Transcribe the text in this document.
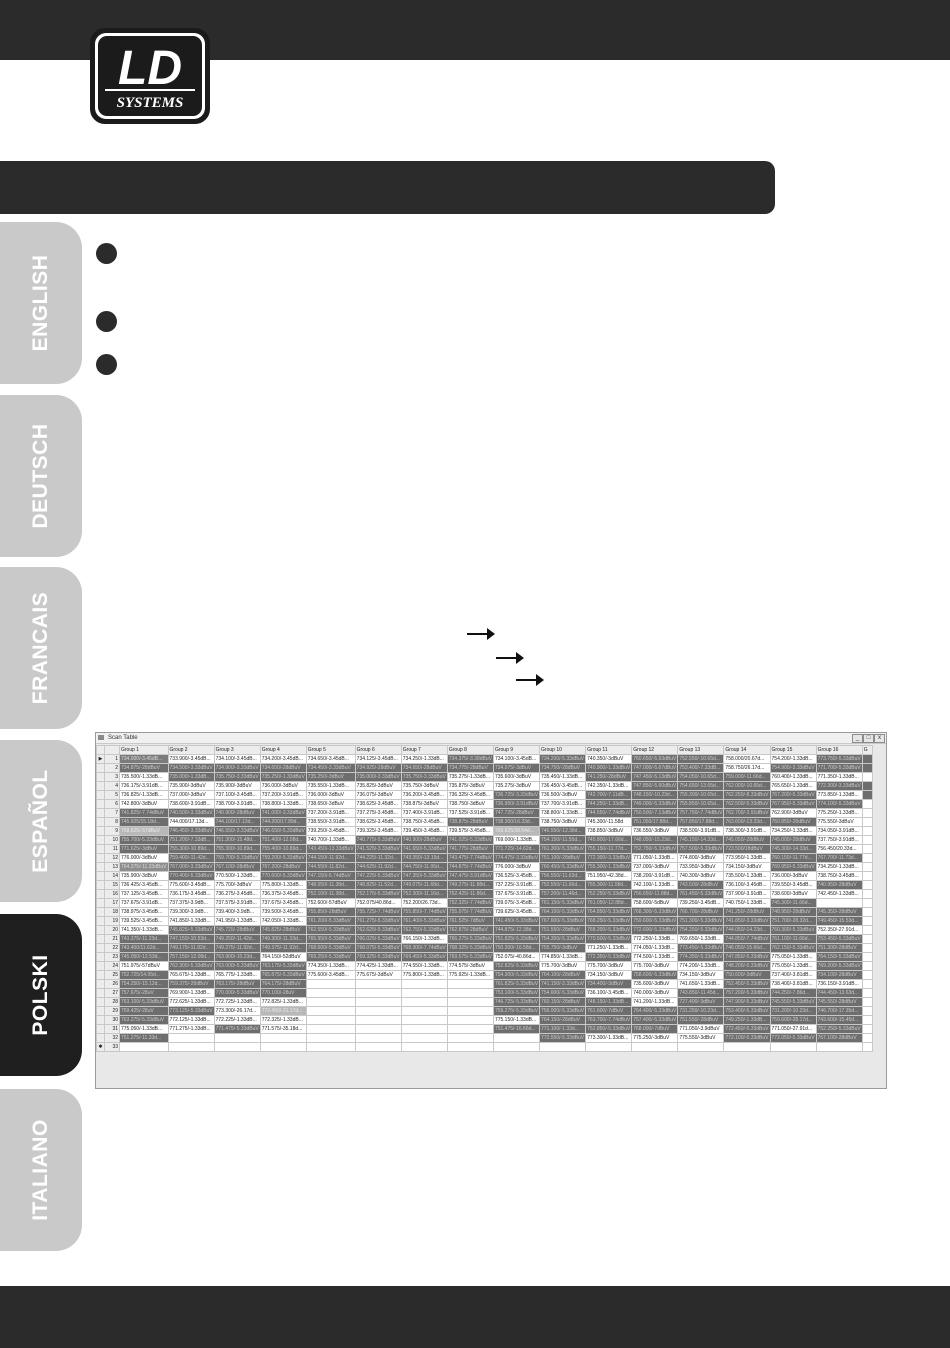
LD
SYSTEMS
ENGLISH
DEUTSCH
FRANCAIS
ESPAÑOL
POLSKI
ITALIANO
Scan Table	_	□	x
		Group 1	Group 2	Group 3	Group 4	Group 5	Group 6	Group 7	Group 8	Group 9	Group 10	Group 11	Group 12	Group 13	Group 14	Group 15	Group 16	G
▶	1	734.000/-3.45dB...	733.900/-3.45dB...	734.100/-3.45dB...	734.200/-3.45dB...	734.650/-3.45dB...	734.125/-3.45dB...	734.250/-1.33dB...	734.375/-3.38dBuV	734.100/-3.45dB...	734.200/-5.33dBuV	740.350/-3dBuV	760.650/-5.93dBuV	752.550/-10.65d...	758.000/20.67d...	754.200/-1.33dB...	773.750/-5.33dBuV	
	2	734.875/-28dBuV	734.500/-3.33dBuV	734.900/-3.33dBuV	734.650/-28dBuV	734.450/-3.33dBuV	734.925/-28dBuV	734.650/-28dBuV	734.775/-28dBuV	734.975/-3dBuV	734.750/-28dBuV	740.900/-1.33dBuV	747.000/-5.67dBuV	753.400/-7.33dB...	758.750/26.17d...	754.900/-3.33dBuV	771.700/-5.33dBuV	
	3	735.500/-1.33dB...	735.000/-1.33dB...	735.750/-3.33dBuV	735.250/-1.33dBuV	735.250/-3dBuV	735.000/-3.33dBuV	735.750/-3.33dBuV	735.275/-1.33dB...	735.600/-3dBuV	735.450/-1.33dB...	741.250/-28dBuV	747.450/-5.13dBuV	754.050/-10.65d...	759.000/-11.66d...	760.400/-1.33dB...	771.350/-1.33dB...	
	4	736.175/-3.91dB...	735.900/-3dBuV	735.900/-3dBuV	736.000/-3dBuV	735.550/-1.33dB...	735.825/-3dBuV	735.750/-3dBuV	735.875/-3dBuV	735.275/-3dBuV	736.450/-3.45dB...	742.350/-1.33dB...	747.850/-5.60dBuV	754.650/-13.65d...	762.000/-10.65d...	765.650/-1.33dB...	772.300/-3.33dBuV	
	5	736.825/-1.33dB...	737.000/-3dBuV	737.100/-3.45dB...	737.200/-3.91dB...	736.000/-3dBuV	736.075/-3dBuV	736.200/-3.45dB...	736.325/-3.45dB...	736.725/-3.33dBuV	736.500/-3dBuV	742.700/-7.11dB...	748.150/-10.23d...	755.300/-10.65d...	762.250/-8.33dBuV	767.200/-5.33dBuV	773.850/-1.33dB...	
	6	742.800/-3dBuV	738.600/-3.91dB...	738.700/-3.91dB...	738.800/-1.33dB...	738.650/-3dBuV	738.625/-3.45dB...	738.875/-3dBuV	738.750/-3dBuV	736.950/-3.91dBuV	737.700/-3.91dB...	744.250/-1.33dB...	749.000/-5.33dBuV	755.850/-10.65d...	762.500/-5.33dBuV	767.950/-5.33dBuV	774.100/-5.33dBuV	
	7	741.825/-7.74dBuV	740.500/-3.33dBuV	740.900/-28dBuV	741.000/-3.33dBuV	737.200/-3.91dB...	737.275/-3.45dB...	737.400/-3.91dB...	737.525/-3.91dB...	747.725/-28dBuV	738.800/-1.33dB...	744.550/-7.74dBuV	750.500/-7.13dBuV	757.750/-7.74dBuV	762.700/-3.91dBuV	762.900/-3dBuV	775.250/-1.33dB...	
	8	745.925/15.18d...	744.000/17.13d...	744.100/17.13d...	744.200/17.89d...	738.550/-3.91dB...	738.625/-3.45dB...	738.750/-3.45dB...	738.875/-28dBuV	738.300/16.33d...	738.750/-3dBuV	745.300/-11.58d	751.050/17.88d...	757.850/17.88d...	763.600/-13.33d...	760.850/-28dBuV	775.550/-3dBuV	
	9	758.625/-57dBuV	746.450/-3.33dBuV	746.550/-3.33dBuV	746.650/-5.33dBuV	739.250/-3.45dB...	739.325/-3.45dB...	739.450/-3.45dB...	739.575/-3.45dB...	759.625/38.54d...	740.550/-12.38d...	738.850/-3dBuV	736.550/-3dBuV	738.500/-3.91dB...	738.300/-3.91dB...	734.250/-1.33dB...	734.050/-3.91dB...	
	10	755.700/-5.33dBuV	751.200/-7.33dB...	751.300/-15.48d...	751.400/-12.08d...	740.700/-1.33dB...	740.775/-5.33dBuV	740.900/-28dBuV	741.025/-5.33dBuV	769.000/-1.33dB...	754.150/-11.55d...	745.800/-17.66d...	748.050/-15.23d...	745.150/-14.33d...	745.050/-28dBuV	745.000/-28dBuV	737.750/-3.91dB...	
	11	771.625/-3dBuV	755.300/-10.89d...	755.300/-10.89d...	755.400/-10.89d...	743.450/-13.33dBuV	741.525/-3.33dBuV	741.650/-5.33dBuV	741.775/-28dBuV	771.725/-14.62d...	761.300/-5.33dBuV	755.150/-11.77d...	752.750/-5.33dBuV	757.500/-5.33dBuV	723.500/18dBuV	745.300/-14.33d...	756.450/20.33d...	
	12	776.000/-3dBuV	759.400/-11.42d...	759.700/-5.33dBuV	759.200/-5.33dBuV	744.150/-11.92d...	744.225/-11.32d...	743.350/-13.15d...	743.475/-7.74dBuV	774.475/-3.33dBuV	751.100/-28dBuV	772.300/-3.33dBuV	771.050/-1.33dB...	774.800/-3dBuV	773.950/-1.33dB...	760.150/-11.77d...	767.700/-11.73d...	
	13	764.375/-11.33dBuV	767.000/-3.33dBuV	767.100/-28dBuV	767.200/-28dBuV	744.550/-11.82d...	744.625/-11.92d...	744.750/-11.06d...	744.875/-7.74dBuV	776.000/-3dBuV	760.450/-5.33dBuV	755.300/-1.33dBuV	737.000/-3dBuV	733.950/-3dBuV	734.150/-3dBuV	760.950/-5.33dBuV	734.250/-1.33dB...	
	14	735.900/-3dBuV	770.400/-5.33dBuV	770.500/-1.33dB...	770.600/-5.33dBuV	747.150/-5.74dBuV	747.225/-5.33dBuV	747.350/-5.33dBuV	747.475/-3.91dBuV	736.525/-3.45dB...	756.550/-11.63d...	751.950/-42.38d...	738.200/-3.91dB...	740.300/-3dBuV	735.500/-1.33dB...	736.000/-3dBuV	738.750/-3.45dB...	
	15	736.425/-3.45dB...	775.600/-3.45dB...	775.700/-3dBuV	775.800/-1.33dB...	748.550/-11.38d...	748.825/-11.52d...	749.075/-11.68d...	749.275/-11.88d...	737.225/-3.91dB...	752.550/-11.66d...	755.300/-11.58d...	742.100/-1.33dB...	743.500/-28dBuV	736.100/-3.45dB...	739.550/-3.45dB...	740.950/-28dBuV	
	16	737.125/-3.45dB...	736.175/-3.45dB...	736.275/-3.45dB...	736.375/-3.45dB...	752.100/-11.38d...	752.175/-5.33dBuV	752.300/-11.16d...	752.425/-11.86d...	737.675/-3.91dB...	757.200/-11.46d...	752.250/-5.33dBuV	756.650/-11.88d...	761.450/-5.33dBuV	737.900/-3.91dB...	738.600/-3dBuV	742.450/-1.33dB...	
	17	737.675/-3.91dB...	737.375/-3.9dB...	737.575/-3.91dB...	737.675/-3.45dB...	752.600/-57dBuV	752.075/40.86d...	752.200/26.73d...	752.325/-7.74dBuV	739.075/-3.45dB...	761.150/-5.33dBuV	761.050/-12.88d...	758.600/-5dBuV	739.250/-3.45dB...	740.750/-1.33dB...	745.300/-11.66d...		
	18	738.975/-3.45dB...	739.300/-3.9dB...	739.400/-3.9dB...	739.500/-3.45dB...	755.850/-28dBuV	755.725/-7.74dBuV	755.850/-7.74dBuV	755.975/-7.74dBuV	739.625/-3.45dB...	764.100/-5.33dBuV	764.850/-5.33dBuV	768.300/-5.33dBuV	766.700/-28dBuV	741.250/-28dBuV	748.950/-28dBuV	745.350/-28dBuV	
	19	739.525/-3.45dB...	741.850/-1.33dB...	741.950/-1.33dB...	742.050/-1.33dB...	761.200/-5.33dBuV	761.275/-5.33dBuV	761.400/-5.33dBuV	761.525/-7dBuV	741.450/-5.33dBuV	767.600/-5.33dBuV	768.250/-5.33dBuV	759.600/-5.33dBuV	751.300/-5.33dBuV	741.850/-3.33dBuV	751.700/-28.32d...	749.450/-15.53d...	
	20	741.350/-1.33dB...	745.825/-5.33dBuV	745.725/-28dBuV	745.825/-28dBuV	762.550/-5.33dBuV	762.625/-5.33dBuV	762.750/-5.33dBuV	762.875/-28dBuV	744.875/-12.38d...	751.550/-28dBuV	768.200/-5.33dBuV	772.600/-5.33dBuV	754.250/-5.33dBuV	744.050/-14.23d...	760.300/-5.33dBuV	752.350/-27.91d...	
	21	743.375/-11.23d...	747.150/-10.53d...	749.250/-11.42d...	749.300/-11.33d...	765.950/-5.33dBuV	766.025/-5.33dBuV	766.150/-1.33dB...	766.275/-5.33dBuV	751.825/-5.33dBuV	754.300/-5.33dBuV	770.500/-5.33dBuV	772.250/-1.33dB...	769.650/-1.33dB...	744.850/-7.74dBuV	761.100/-11.66d...	753.450/-5.33dBuV	
	22	743.400/11.62d...	749.175/-11.82d...	749.275/-11.92d...	749.375/-11.92d...	768.600/-5.33dBuV	768.075/-5.33dBuV	768.300/-7.74dBuV	768.325/-5.33dBuV	750.300/-16.58d...	755.750/-3dBuV	771.250/-1.33dB...	774.050/-1.33dB...	773.450/-5.33dBuV	746.050/-15.66d...	762.150/-5.33dBuV	751.300/-28dBuV	
	23	745.050/-12.53d...	757.150/-12.08d...	763.900/-10.23d...	764.150/-52dBuV	769.250/-5.33dBuV	769.325/-5.33dBuV	769.450/-5.33dBuV	769.575/-5.33dBuV	752.075/-40.86d...	774.850/-1.33dB...	772.350/-5.33dBuV	774.500/-1.33dB...	774.350/-5.33dBuV	747.850/-5.33dBuV	775.050/-1.33dB...	764.150/-5.33dBuV	
	24	751.975/-57dBuV	762.300/-5.33dBuV	763.000/-5.33dBuV	763.175/-5.33dBuV	774.350/-1.33dB...	774.425/-1.33dB...	774.550/-1.33dB...	774.575/-3dBuV	752.825/-5.33dBuV	775.700/-3dBuV	775.700/-3dBuV	775.700/-3dBuV	774.200/-1.33dB...	748.200/-5.33dBuV	775.050/-1.33dB...	769.200/-5.33dBuV	
	25	752.725/14.95d...	765.675/-1.33dB...	765.775/-1.33dB...	765.875/-5.33dBuV	775.600/-3.45dB...	775.675/-3dBuV	775.800/-1.33dB...	775.925/-1.33dB...	754.300/-5.33dBuV	764.100/-28dBuV	734.150/-3dBuV	758.600/-5.33dBuV	734.150/-3dBuV	750.600/-3dBuV	737.400/-3.81dB...	734.100/-28dBuV	
	26	754.250/-15.12d...	759.375/-28dBuV	763.175/-28dBuV	764.175/-28dBuV					761.825/-5.33dBuV	741.150/-3.33dBuV	734.400/-3dBuV	735.600/-3dBuV	741.650/-1.33dB...	752.450/-5.33dBuV	738.400/-3.81dB...	736.150/-3.91dB...	
	27	757.675/-28uV	769.900/-1.33dB...	770.000/-5.33dBuV	770.100/-28uV					753.100/-5.33dBuV	754.600/-5.33dBuV	736.100/-3.45dB...	740.000/-3dBuV	743.850/-11.45d...	757.200/-5.33dBuV	744.250/-7.86d...	744.450/-13.63d...	
	28	763.100/-5.33dBuV	772.625/-1.33dB...	772.725/-1.33dB...	772.825/-1.33dB...					746.725/-5.33dBuV	760.150/-28dBuV	748.150/-1.33dB...	741.200/-1.33dB...	727.400/-3dBuV	747.900/-5.33dBuV	745.550/-5.33dBuV	745.550/-28dBuV	
	29	759.425/-28uV	773.125/-5.33dBuV	773.300/-26.17d...	772.450/-21.17d...					759.275/-5.33dBuV	756.000/-5.33dBuV	761.600/-7dBuV	764.400/-5.33dBuV	731.250/-10.23d...	753.400/-5.33dBuV	731.200/-10.23d...	746.700/-17.35d...	
	30	763.275/-5.33dBuV	772.125/-1.33dB...	772.225/-1.33dB...	772.325/-1.33dB...					775.150/-1.33dB...	764.150/-28dBuV	763.700/-7.74dBuV	757.400/-5.33dBuV	751.550/-28dBuV	749.250/-1.33dB...	759.600/-28.17d...	743.600/-15.45d...	
	31	775.050/-1.33dB...	771.275/-1.33dB...	771.475/-5.33dBuV	771.575/-35.18d...					751.475/-16.66d...	771.100/-1.33d...	752.850/-5.33dBuV	768.000/-7dBuV	771.050/-3.9dBuV	772.450/-5.33dBuV	771.050/-27.91d...	752.250/-5.33dBuV	
	32	751.275/-11.33d...									772.550/-5.33dBuV	773.300/-1.33dB...	775.250/-3dBuV	775.550/-3dBuV	772.100/-5.33dBuV	772.050/-5.33dBuV	767.100/-28dBuV	
✱	33																	
